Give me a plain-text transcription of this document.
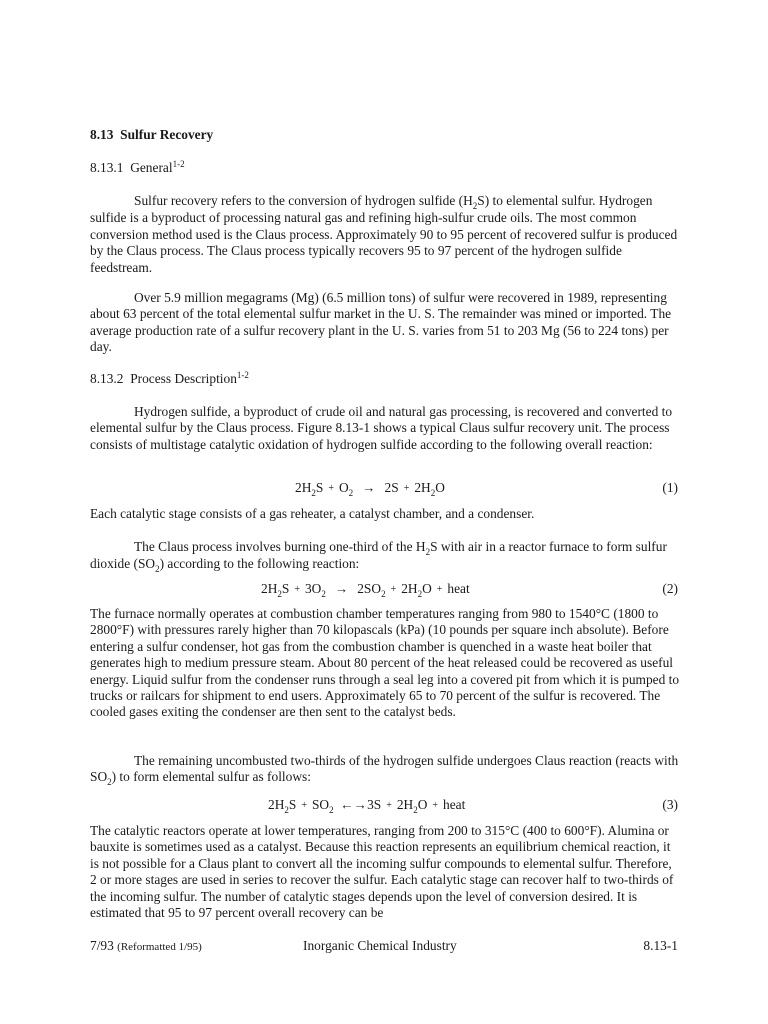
8.13 Sulfur Recovery
8.13.1 General$^{1-2}$
Sulfur recovery refers to the conversion of hydrogen sulfide $(H_2S)$ to elemental sulfur. Hydrogen sulfide is a byproduct of processing natural gas and refining high-sulfur crude oils. The most common conversion method used is the Claus process. Approximately 90 to 95 percent of recovered sulfur is produced by the Claus process. The Claus process typically recovers 95 to 97 percent of the hydrogen sulfide feedstream.
Over 5.9 million megagrams (Mg) (6.5 million tons) of sulfur were recovered in 1989, representing about 63 percent of the total elemental sulfur market in the U. S. The remainder was mined or imported. The average production rate of a sulfur recovery plant in the U. S. varies from 51 to 203 Mg (56 to 224 tons) per day.
8.13.2 Process Description$^{1-2}$
Hydrogen sulfide, a byproduct of crude oil and natural gas processing, is recovered and converted to elemental sulfur by the Claus process. Figure 8.13-1 shows a typical Claus sulfur recovery unit. The process consists of multistage catalytic oxidation of hydrogen sulfide according to the following overall reaction:
$2H_2S + O_2 \to 2S + 2H_2O$	(1)
Each catalytic stage consists of a gas reheater, a catalyst chamber, and a condenser.
The Claus process involves burning one-third of the $H_2S$ with air in a reactor furnace to form sulfur dioxide $(SO_2)$ according to the following reaction:
$2H_2S + 3O_2 \to 2SO_2 + 2H_2O$ + heat	(2)
The furnace normally operates at combustion chamber temperatures ranging from 980 to 1540°C (1800 to 2800°F) with pressures rarely higher than 70 kilopascals (kPa) (10 pounds per square inch absolute). Before entering a sulfur condenser, hot gas from the combustion chamber is quenched in a waste heat boiler that generates high to medium pressure steam. About 80 percent of the heat released could be recovered as useful energy. Liquid sulfur from the condenser runs through a seal leg into a covered pit from which it is pumped to trucks or railcars for shipment to end users. Approximately 65 to 70 percent of the sulfur is recovered. The cooled gases exiting the condenser are then sent to the catalyst beds.
The remaining uncombusted two-thirds of the hydrogen sulfide undergoes Claus reaction (reacts with $SO_2$) to form elemental sulfur as follows:
$2H_2S + SO_2$  ←→3S + $2H_2O$ + heat	(3)
The catalytic reactors operate at lower temperatures, ranging from 200 to 315°C (400 to 600°F). Alumina or bauxite is sometimes used as a catalyst. Because this reaction represents an equilibrium chemical reaction, it is not possible for a Claus plant to convert all the incoming sulfur compounds to elemental sulfur. Therefore, 2 or more stages are used in series to recover the sulfur. Each catalytic stage can recover half to two-thirds of the incoming sulfur. The number of catalytic stages depends upon the level of conversion desired. It is estimated that 95 to 97 percent overall recovery can be
7/93 (Reformatted 1/95)	Inorganic Chemical Industry	8.13-1
